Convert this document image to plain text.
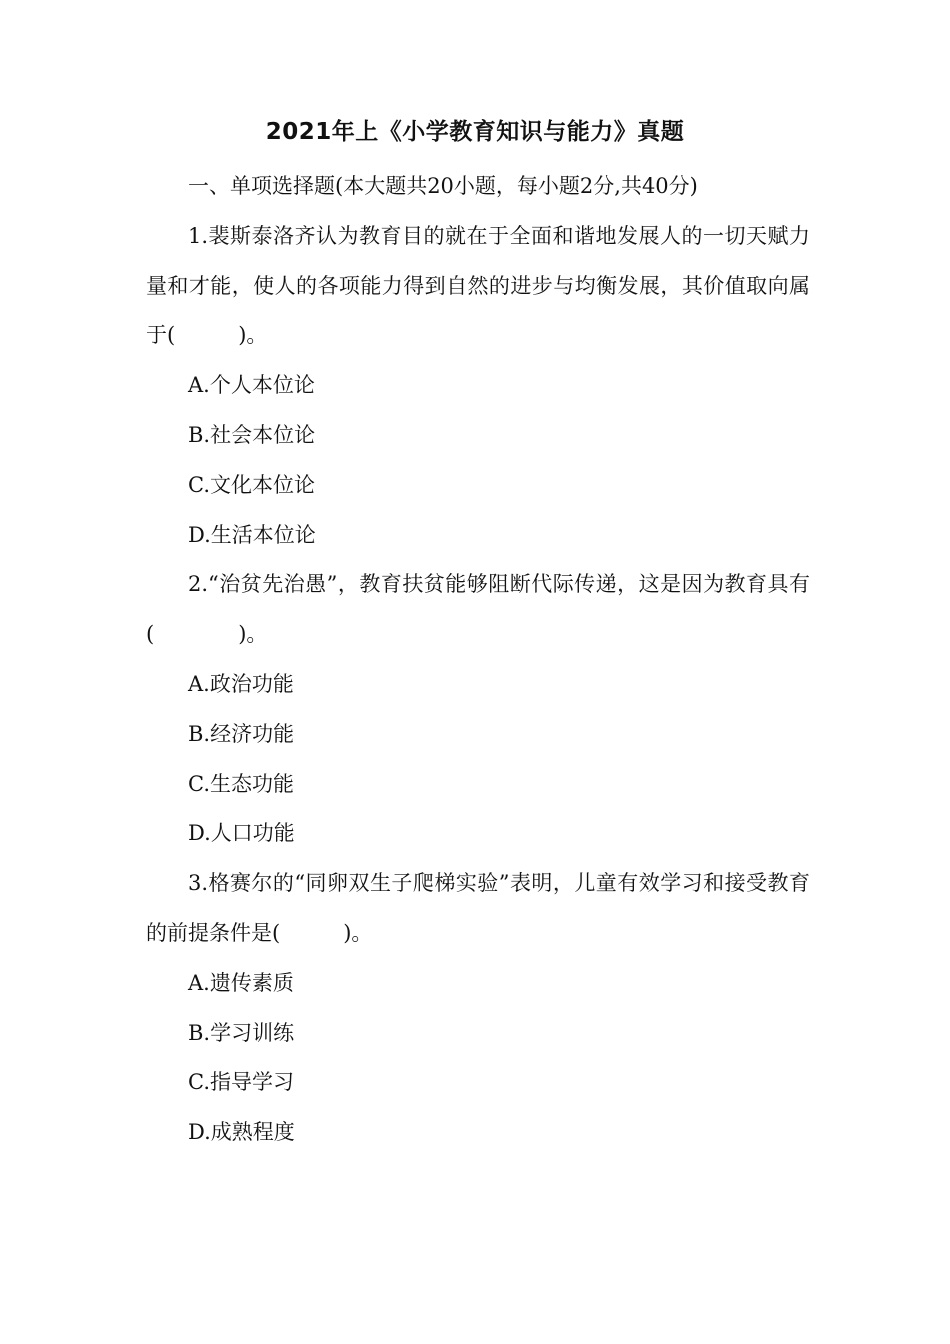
2021年上《小学教育知识与能力》真题

一、单项选择题(本大题共20小题，每小题2分,共40分)

1.裴斯泰洛齐认为教育目的就在于全面和谐地发展人的一切天赋力量和才能，使人的各项能力得到自然的进步与均衡发展，其价值取向属于(　　　)。

A.个人本位论

B.社会本位论

C.文化本位论

D.生活本位论

2.“治贫先治愚”，教育扶贫能够阻断代际传递，这是因为教育具有(　　　　)。

A.政治功能

B.经济功能

C.生态功能

D.人口功能

3.格赛尔的“同卵双生子爬梯实验”表明，儿童有效学习和接受教育的前提条件是(　　　)。

A.遗传素质

B.学习训练

C.指导学习

D.成熟程度
